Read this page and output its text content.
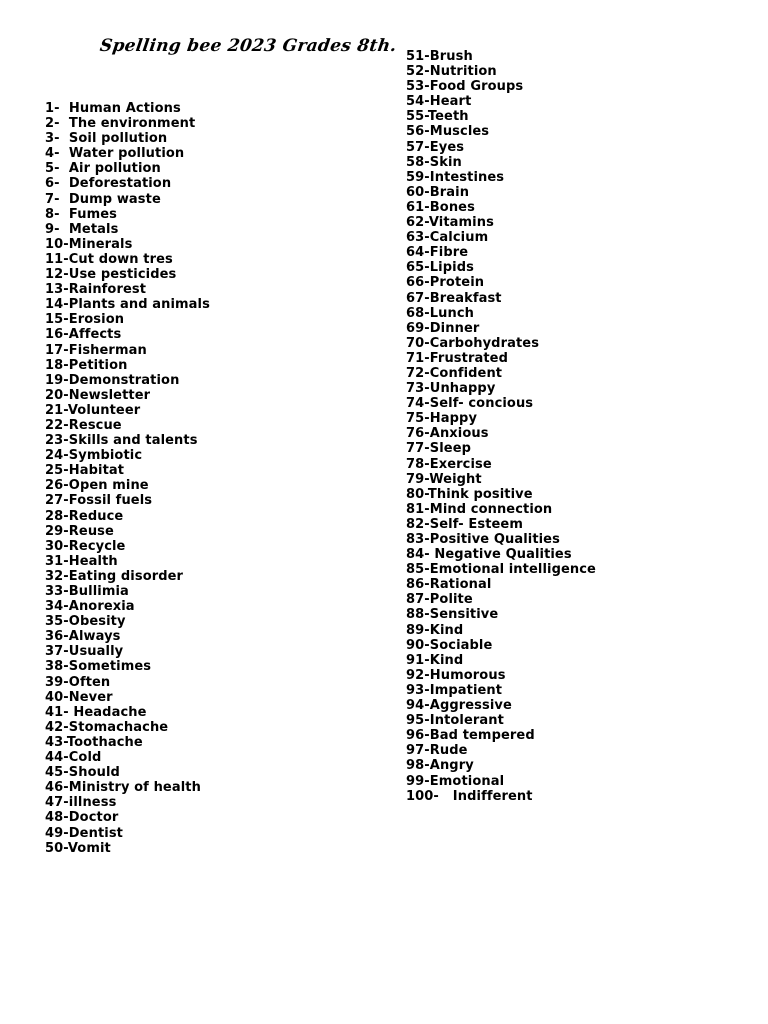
Spelling bee 2023 Grades 8th.
1-  Human Actions
2-  The environment
3-  Soil pollution
4-  Water pollution
5-  Air pollution
6-  Deforestation
7-  Dump waste
8-  Fumes
9-  Metals
10-Minerals
11-Cut down tres
12-Use pesticides
13-Rainforest
14-Plants and animals
15-Erosion
16-Affects
17-Fisherman
18-Petition
19-Demonstration
20-Newsletter
21-Volunteer
22-Rescue
23-Skills and talents
24-Symbiotic
25-Habitat
26-Open mine
27-Fossil fuels
28-Reduce
29-Reuse
30-Recycle
31-Health
32-Eating disorder
33-Bullimia
34-Anorexia
35-Obesity
36-Always
37-Usually
38-Sometimes
39-Often
40-Never
41- Headache
42-Stomachache
43-Toothache
44-Cold
45-Should
46-Ministry of health
47-illness
48-Doctor
49-Dentist
50-Vomit
51-Brush
52-Nutrition
53-Food Groups
54-Heart
55-Teeth
56-Muscles
57-Eyes
58-Skin
59-Intestines
60-Brain
61-Bones
62-Vitamins
63-Calcium
64-Fibre
65-Lipids
66-Protein
67-Breakfast
68-Lunch
69-Dinner
70-Carbohydrates
71-Frustrated
72-Confident
73-Unhappy
74-Self- concious
75-Happy
76-Anxious
77-Sleep
78-Exercise
79-Weight
80-Think positive
81-Mind connection
82-Self- Esteem
83-Positive Qualities
84- Negative Qualities
85-Emotional intelligence
86-Rational
87-Polite
88-Sensitive
89-Kind
90-Sociable
91-Kind
92-Humorous
93-Impatient
94-Aggressive
95-Intolerant
96-Bad tempered
97-Rude
98-Angry
99-Emotional
100-   Indifferent
